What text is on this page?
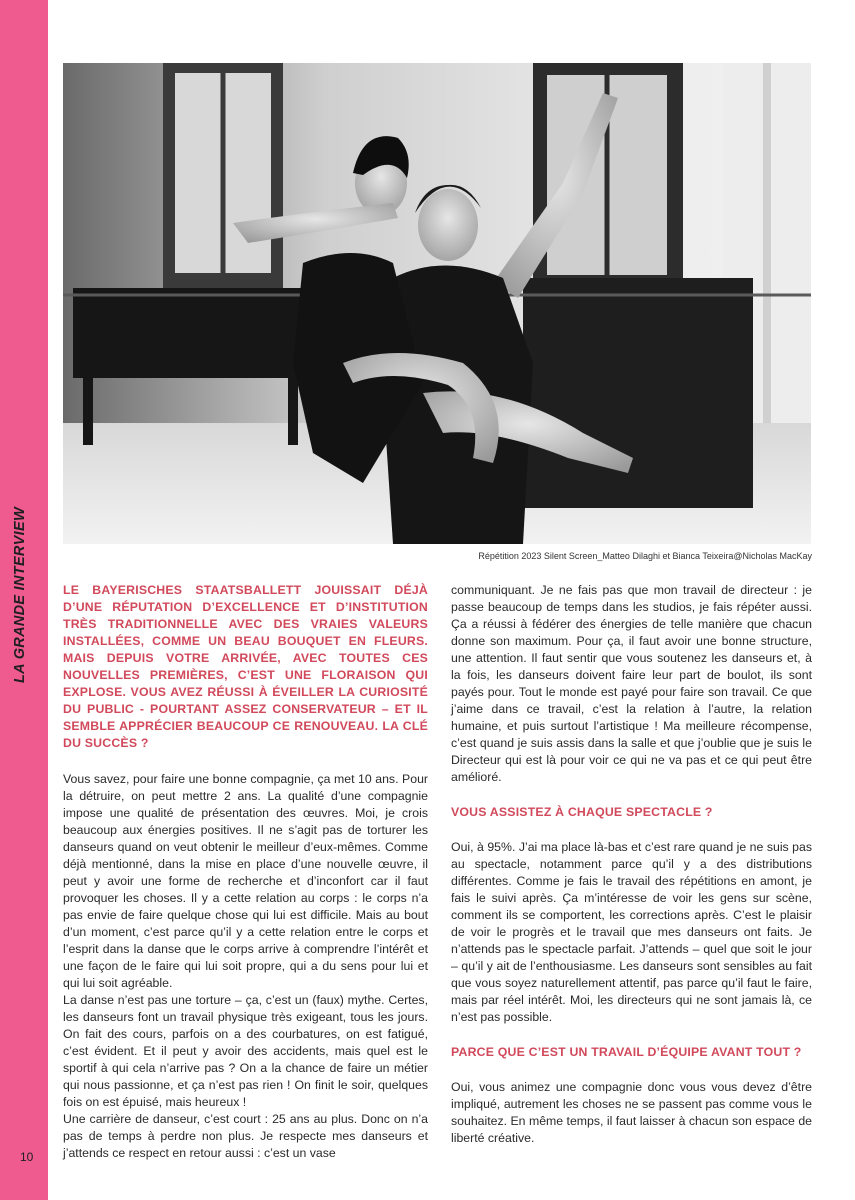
LA GRANDE INTERVIEW
10
Répétition 2023 Silent Screen_Matteo Dilaghi et Bianca Teixeira@Nicholas MacKay

LE BAYERISCHES STAATSBALLETT JOUISSAIT DÉJÀ D’UNE RÉPUTATION D’EXCELLENCE ET D’INSTITUTION TRÈS TRADITIONNELLE AVEC DES VRAIES VALEURS INSTALLÉES, COMME UN BEAU BOUQUET EN FLEURS. MAIS DEPUIS VOTRE ARRIVÉE, AVEC TOUTES CES NOUVELLES PREMIÈRES, C’EST UNE FLORAISON QUI EXPLOSE. VOUS AVEZ RÉUSSI À ÉVEILLER LA CURIOSITÉ DU PUBLIC - POURTANT ASSEZ CONSERVATEUR – ET IL SEMBLE APPRÉCIER BEAUCOUP CE RENOUVEAU. LA CLÉ DU SUCCÈS ?

Vous savez, pour faire une bonne compagnie, ça met 10 ans. Pour la détruire, on peut mettre 2 ans. La qualité d’une compagnie impose une qualité de présentation des œuvres. Moi, je crois beaucoup aux énergies positives. Il ne s’agit pas de torturer les danseurs quand on veut obtenir le meilleur d’eux-mêmes. Comme déjà mentionné, dans la mise en place d’une nouvelle œuvre, il peut y avoir une forme de recherche et d’inconfort car il faut provoquer les choses. Il y a cette relation au corps : le corps n’a pas envie de faire quelque chose qui lui est difficile. Mais au bout d’un moment, c’est parce qu’il y a cette relation entre le corps et l’esprit dans la danse que le corps arrive à comprendre l’intérêt et une façon de le faire qui lui soit propre, qui a du sens pour lui et qui lui soit agréable.

La danse n’est pas une torture – ça, c’est un (faux) mythe. Certes, les danseurs font un travail physique très exigeant, tous les jours. On fait des cours, parfois on a des courbatures, on est fatigué, c’est évident. Et il peut y avoir des accidents, mais quel est le sportif à qui cela n’arrive pas ? On a la chance de faire un métier qui nous passionne, et ça n’est pas rien ! On finit le soir, quelques fois on est épuisé, mais heureux !

Une carrière de danseur, c’est court : 25 ans au plus. Donc on n’a pas de temps à perdre non plus. Je respecte mes danseurs et j’attends ce respect en retour aussi : c’est un vase

communiquant. Je ne fais pas que mon travail de directeur : je passe beaucoup de temps dans les studios, je fais répéter aussi. Ça a réussi à fédérer des énergies de telle manière que chacun donne son maximum. Pour ça, il faut avoir une bonne structure, une attention. Il faut sentir que vous soutenez les danseurs et, à la fois, les danseurs doivent faire leur part de boulot, ils sont payés pour. Tout le monde est payé pour faire son travail. Ce que j’aime dans ce travail, c’est la relation à l’autre, la relation humaine, et puis surtout l’artistique ! Ma meilleure récompense, c’est quand je suis assis dans la salle et que j’oublie que je suis le Directeur qui est là pour voir ce qui ne va pas et ce qui peut être amélioré.

VOUS ASSISTEZ À CHAQUE SPECTACLE ?

Oui, à 95%. J’ai ma place là-bas et c’est rare quand je ne suis pas au spectacle, notamment parce qu’il y a des distributions différentes. Comme je fais le travail des répétitions en amont, je fais le suivi après. Ça m’intéresse de voir les gens sur scène, comment ils se comportent, les corrections après. C’est le plaisir de voir le progrès et le travail que mes danseurs ont faits. Je n’attends pas le spectacle parfait. J’attends – quel que soit le jour – qu’il y ait de l’enthousiasme. Les danseurs sont sensibles au fait que vous soyez naturellement attentif, pas parce qu’il faut le faire, mais par réel intérêt. Moi, les directeurs qui ne sont jamais là, ce n’est pas possible.

PARCE QUE C’EST UN TRAVAIL D’ÉQUIPE AVANT TOUT ?

Oui, vous animez une compagnie donc vous vous devez d’être impliqué, autrement les choses ne se passent pas comme vous le souhaitez. En même temps, il faut laisser à chacun son espace de liberté créative.
